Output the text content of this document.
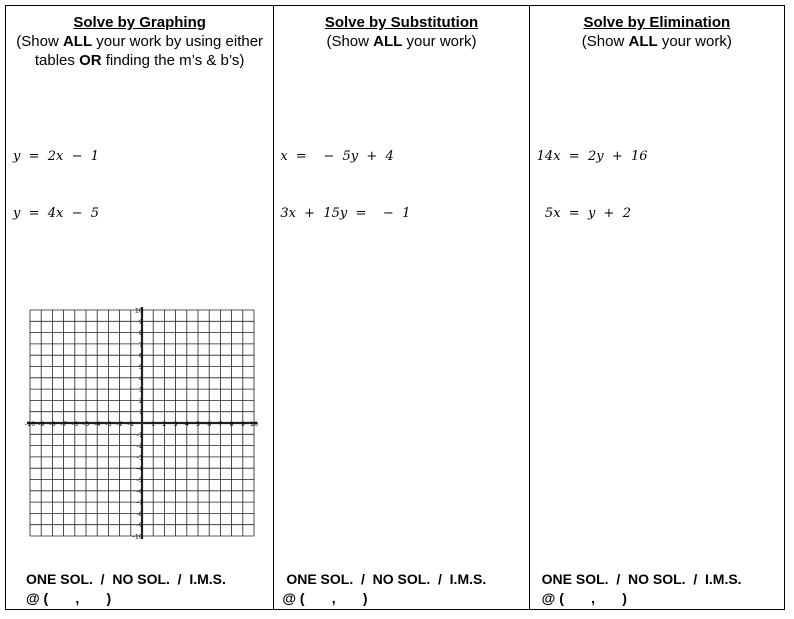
Solve by Graphing
(Show ALL your work by using either tables OR finding the m’s & b’s)

y  =  2x  −  1

y  =  4x  −  5

-10 -9 -8 -7 -6 -5 -4 -3 -2 -1	1 2 3 4 5 6 7 8 9 10
-10
-9
-8
-7
-6
-5
-4
-3
-2
-1
1
2
3
4
5
6
7
8
9
10
ONE SOL.  /  NO SOL.  /  I.M.S.
@ (       ,       )
Solve by Substitution
(Show ALL your work)

x  =    −  5y  +  4

3x  +  15y  =    −  1

ONE SOL.  /  NO SOL.  /  I.M.S.
@ (       ,       )
Solve by Elimination
(Show ALL your work)

14x  =  2y  +  16

5x  =  y  +  2

ONE SOL.  /  NO SOL.  /  I.M.S.
@ (       ,       )
